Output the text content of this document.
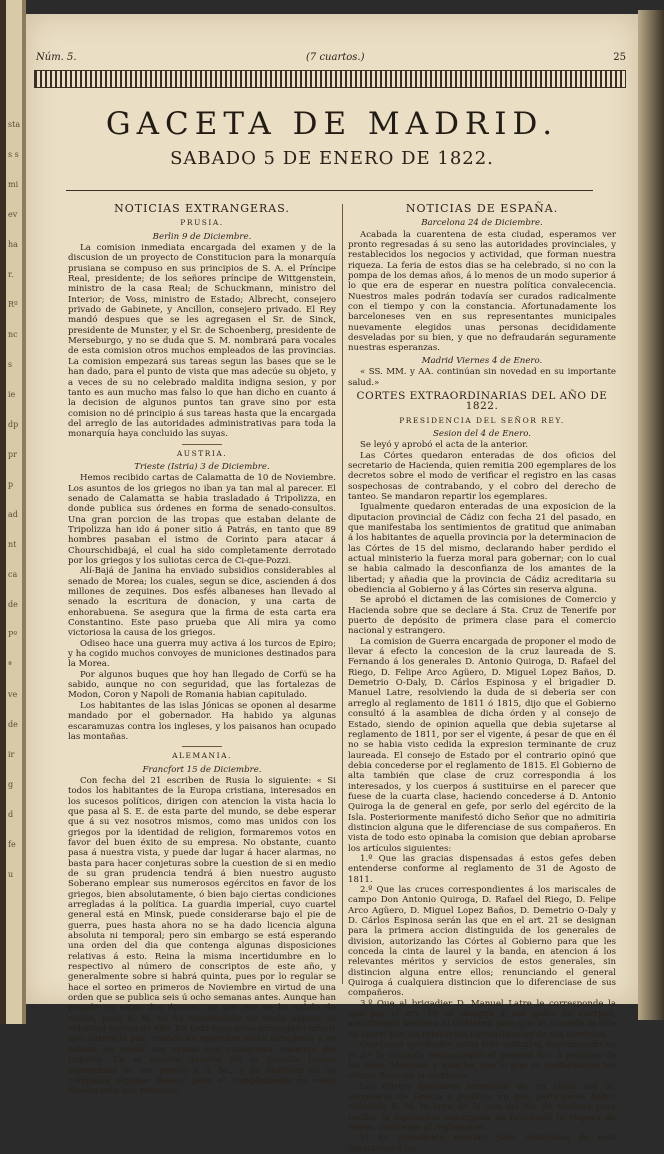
sta
s s
mi
ev
ha
r.
Rº
nc
s
ie
dp
pr
p
ad
nt
ca
de
Pº
ª
ve
de
ir
g
d
fe
u
Núm. 5.	(7 cuartos.)	25
GACETA DE MADRID.
SABADO 5 DE ENERO DE 1822.
NOTICIAS EXTRANGERAS.
PRUSIA.
Berlin 9 de Diciembre.

La comision inmediata encargada del examen y de la discusion de un proyecto de Constitucion para la monarquía prusiana se compuso en sus principios de S. A. el Príncipe Real, presidente; de los señores príncipe de Wittgenstein, ministro de la casa Real; de Schuckmann, ministro del Interior; de Voss, ministro de Estado; Albrecht, consejero privado de Gabinete, y Ancillon, consejero privado. El Rey mandó despues que se les agregasen el Sr. de Sinck, presidente de Munster, y el Sr. de Schoenberg, presidente de Merseburgo, y no se duda que S. M. nombrará para vocales de esta comision otros muchos empleados de las provincias. La comision empezará sus tareas segun las bases que se le han dado, para el punto de vista que mas adecúe su objeto, y a veces de su no celebrado maldita indigna sesion, y por tanto es aun mucho mas falso lo que han dicho en cuanto á la decision de algunos puntos tan grave sino por esta comision no dé principio á sus tareas hasta que la encargada del arreglo de las autoridades administrativas para toda la monarquía haya concluido las suyas.

AUSTRIA.
Trieste (Istria) 3 de Diciembre.

Hemos recibido cartas de Calamatta de 10 de Noviembre. Los asuntos de los griegos no iban ya tan mal al parecer. El senado de Calamatta se habia trasladado á Tripolizza, en donde publica sus órdenes en forma de senado-consultos. Una gran porcion de las tropas que estaban delante de Tripolizza han ido á poner sitio á Patrás, en tanto que 89 hombres pasaban el istmo de Corinto para atacar á Chourschidbajá, el cual ha sido completamente derrotado por los griegos y los suliotas cerca de Ci-que-Pozzi.

Alí-Bajá de Janina ha enviado subsidios considerables al senado de Morea; los cuales, segun se dice, ascienden á dos millones de zequines. Dos esfés albaneses han llevado al senado la escritura de donacion, y una carta de enhorabuena. Se asegura que la firma de esta carta era Constantino. Este paso prueba que Alí mira ya como victoriosa la causa de los griegos.

Odiseo hace una guerra muy activa á los turcos de Epiro; y ha cogido muchos convoyes de municiones destinados para la Morea.

Por algunos buques que hoy han llegado de Corfú se ha sabido, aunque no con seguridad, que las fortalezas de Modon, Coron y Napoli de Romania habian capitulado.

Los habitantes de las islas Jónicas se oponen al desarme mandado por el gobernador. Ha habido ya algunas escaramuzas contra los ingleses, y los paisanos han ocupado las montañas.

ALEMANIA.
Francfort 15 de Diciembre.

Con fecha del 21 escriben de Rusia lo siguiente: « Si todos los habitantes de la Europa cristiana, interesados en los sucesos políticos, dirigen con atencion la vista hacia lo que pasa al S. E. de esta parte del mundo, se debe esperar que á su vez nosotros mismos, como mas unidos con los griegos por la identidad de religion, formaremos votos en favor del buen éxito de su empresa. No obstante, cuanto pasa á nuestra vista, y puede dar lugar á hacer alarmas, no basta para hacer conjeturas sobre la cuestion de si en medio de su gran prudencia tendrá á bien nuestro augusto Soberano emplear sus numerosos egércitos en favor de los griegos, bien absolutamente, ó bien bajo ciertas condiciones arregladas á la política. La guardia imperial, cuyo cuartel general está en Minsk, puede considerarse bajo el pie de guerra, pues hasta ahora no se ha dado licencia alguna absoluta ni temporal; pero sin embargo se está esperando una orden del dia que contenga algunas disposiciones relativas á esto. Reina la misma incertidumbre en lo respectivo al número de conscriptos de este año, y generalmente sobre si habrá quinta, pues por lo regular se hace el sorteo en primeros de Noviembre en virtud de una orden que se publica seis ú ocho semanas antes. Aunque han pasado ya estas dos épocas, no por eso se ha salido de dudas, pues S. M. no ha manifestado de modo alguno su voluntad acerca de ello. En todo caso sería arriesgado inferir que durará la paz, cuando los egércitos están completos y en estado de medir sus armas con cualquiera enemigo del imperio. En el cuartel general de la guardia tienen esperanzas de ver pronto á S. M., y de disfrutar de su compañía algunos meses; pero el cumplimiento de estos deseos está aun remoto.»

NOTICIAS DE ESPAÑA.
Barcelona 24 de Diciembre.

Acabada la cuarentena de esta ciudad, esperamos ver pronto regresadas á su seno las autoridades provinciales, y restablecidos los negocios y actividad, que forman nuestra riqueza. La feria de estos dias se ha celebrado, si no con la pompa de los demas años, á lo menos de un modo superior á lo que era de esperar en nuestra política convalecencia. Nuestros males podrán todavía ser curados radicalmente con el tiempo y con la constancia. Afortunadamente los barceloneses ven en sus representantes municipales nuevamente elegidos unas personas decididamente desveladas por su bien, y que no defraudarán seguramente nuestras esperanzas.

Madrid Viernes 4 de Enero.

« SS. MM. y AA. continúan sin novedad en su importante salud.»

CORTES EXTRAORDINARIAS DEL AÑO DE 1822.
PRESIDENCIA DEL SEÑOR REY.
Sesion del 4 de Enero.

Se leyó y aprobó el acta de la anterior.

Las Córtes quedaron enteradas de dos oficios del secretario de Hacienda, quien remitia 200 egemplares de los decretos sobre el modo de verificar el registro en las casas sospechosas de contrabando, y el cobro del derecho de tanteo. Se mandaron repartir los egemplares.

Igualmente quedaron enteradas de una exposicion de la diputacion provincial de Cádiz con fecha 21 del pasado, en que manifestaba los sentimientos de gratitud que animaban á los habitantes de aquella provincia por la determinacion de las Córtes de 15 del mismo, declarando haber perdido el actual ministerio la fuerza moral para gobernar; con lo cual se habia calmado la desconfianza de los amantes de la libertad; y añadia que la provincia de Cádiz acreditaria su obediencia al Gobierno y á las Córtes sin reserva alguna.

Se aprobó el dictamen de las comisiones de Comercio y Hacienda sobre que se declare á Sta. Cruz de Tenerife por puerto de depósito de primera clase para el comercio nacional y estrangero.

La comision de Guerra encargada de proponer el modo de llevar á efecto la concesion de la cruz laureada de S. Fernando á los generales D. Antonio Quiroga, D. Rafael del Riego, D. Felipe Arco Agüero, D. Miguel Lopez Baños, D. Demetrio O-Daly, D. Cárlos Espinosa y el brigadier D. Manuel Latre, resolviendo la duda de si deberia ser con arreglo al reglamento de 1811 ó 1815, dijo que el Gobierno consultó á la asamblea de dicha órden y al consejo de Estado, siendo de opinion aquella que debia sujetarse al reglamento de 1811, por ser el vigente, á pesar de que en él no se habia visto cedida la expresion terminante de cruz laureada. El consejo de Estado por el contrario opinó que debia concederse por el reglamento de 1815. El Gobierno de alta también que clase de cruz correspondia á los interesados, y los cuerpos á sustituirse en el parecer que fuese de la cuarta clase, haciendo concederse á D. Antonio Quiroga la de general en gefe, por serlo del egército de la Isla. Posteriormente manifestó dicho Señor que no admitiria distincion alguna que le diferenciase de sus compañeros. En vista de todo esto opinaba la comision que debian aprobarse los artículos siguientes:

1.º Que las gracias dispensadas á estos gefes deben entenderse conforme al reglamento de 31 de Agosto de 1811.

2.º Que las cruces correspondientes á los mariscales de campo Don Antonio Quiroga, D. Rafael del Riego, D. Felipe Arco Agüero, D. Miguel Lopez Baños, D. Demetrio O-Daly y D. Cárlos Espinosa serán las que en el art. 21 se designan para la primera accion distinguida de los generales de division, autorizando las Córtes al Gobierno para que les conceda la cinta de laurel y la banda, en atencion á los relevantes méritos y servicios de estos generales, sin distincion alguna entre ellos; renunciando el general Quiroga á cualquiera distincion que lo diferenciase de sus compañeros.

3.º Que al brigadier D. Manuel Latre le corresponde la que por el art. 19 se designa á sus gefes de cuerpos, autorizando tambien al Gobierno para que le conceda la orla de laurel por las relevantes circunstancias de sus servicios.

Quedaron aprobados estos tres artículos, suprimiendo en el 2.º la cláusula renunciando el general &c. á peticion de los Sres. Medrano y Sancho, con lo que se conformaron los demas Sres. de la comision.

Las Córtes quedaron enteradas de un oficio del Sr. secretario de Gracia y Justicia, en que participaba haber señalado S. M. la hora de la una del dia de mañana para recibir la diputacion encargada de felicitarle la víspera de Reyes, conforme al reglamento.

El Sr. presidente nombró para individuos de esta diputacion á los
